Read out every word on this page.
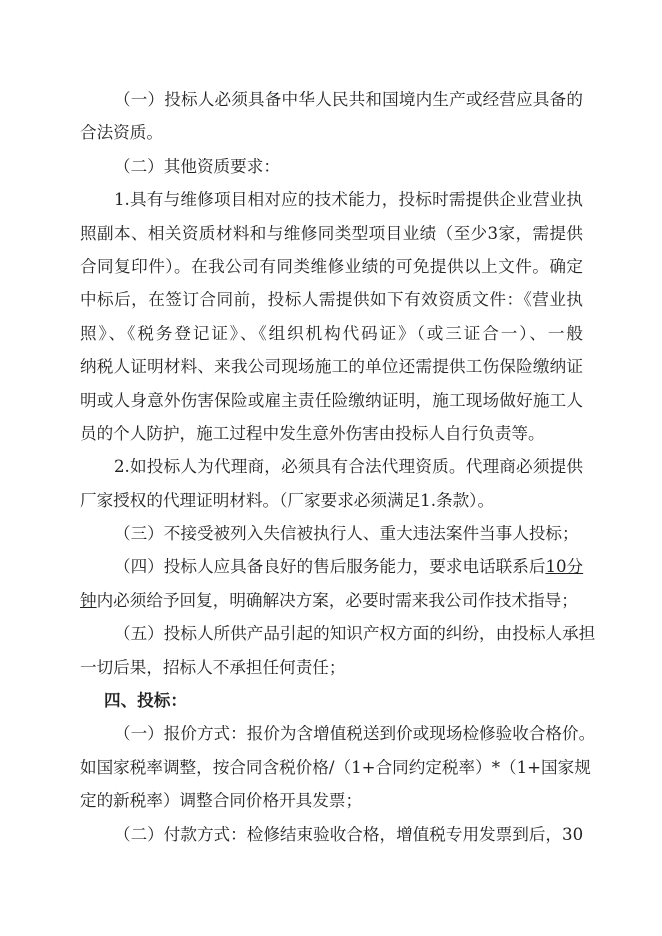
（一）投标人必须具备中华人民共和国境内生产或经营应具备的
合法资质。
（二）其他资质要求：
1.具有与维修项目相对应的技术能力，投标时需提供企业营业执
照副本、相关资质材料和与维修同类型项目业绩（至少3家，需提供
合同复印件）。在我公司有同类维修业绩的可免提供以上文件。确定
中标后，在签订合同前，投标人需提供如下有效资质文件：《营业执
照》、《税务登记证》、《组织机构代码证》（或三证合一）、一般
纳税人证明材料、来我公司现场施工的单位还需提供工伤保险缴纳证
明或人身意外伤害保险或雇主责任险缴纳证明，施工现场做好施工人
员的个人防护，施工过程中发生意外伤害由投标人自行负责等。
2.如投标人为代理商，必须具有合法代理资质。代理商必须提供
厂家授权的代理证明材料。（厂家要求必须满足1.条款）。
（三）不接受被列入失信被执行人、重大违法案件当事人投标；
（四）投标人应具备良好的售后服务能力，要求电话联系后10分
钟内必须给予回复，明确解决方案，必要时需来我公司作技术指导；
（五）投标人所供产品引起的知识产权方面的纠纷，由投标人承担
一切后果，招标人不承担任何责任；
四、投标：
（一）报价方式：报价为含增值税送到价或现场检修验收合格价。
如国家税率调整，按合同含税价格/（1+合同约定税率）*（1+国家规
定的新税率）调整合同价格开具发票；
（二）付款方式：检修结束验收合格，增值税专用发票到后，30
